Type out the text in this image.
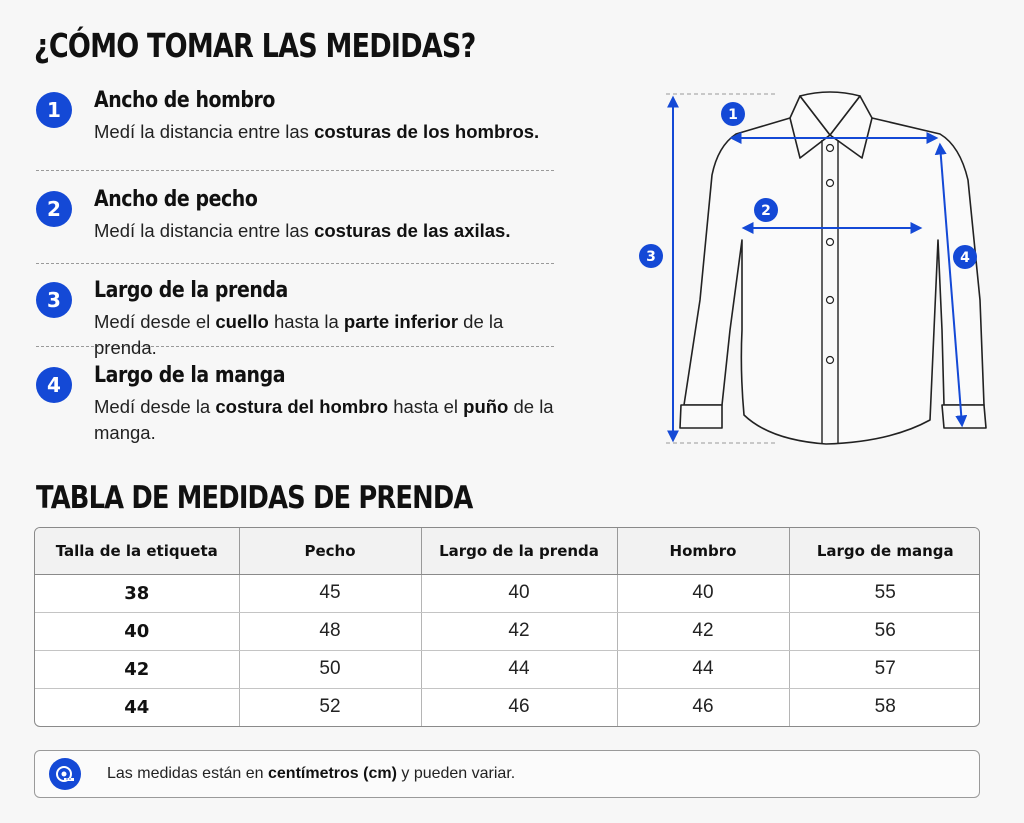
¿CÓMO TOMAR LAS MEDIDAS?
1	Ancho de hombro
Medí la distancia entre las costuras de los hombros.
2	Ancho de pecho
Medí la distancia entre las costuras de las axilas.
3	Largo de la prenda
Medí desde el cuello hasta la parte inferior de la prenda.
4	Largo de la manga
Medí desde la costura del hombro hasta el puño de la manga.
1
2
3	4
TABLA DE MEDIDAS DE PRENDA
Talla de la etiqueta	Pecho	Largo de la prenda	Hombro	Largo de manga
38	45	40	40	55
40	48	42	42	56
42	50	44	44	57
44	52	46	46	58
Las medidas están en centímetros (cm) y pueden variar.
